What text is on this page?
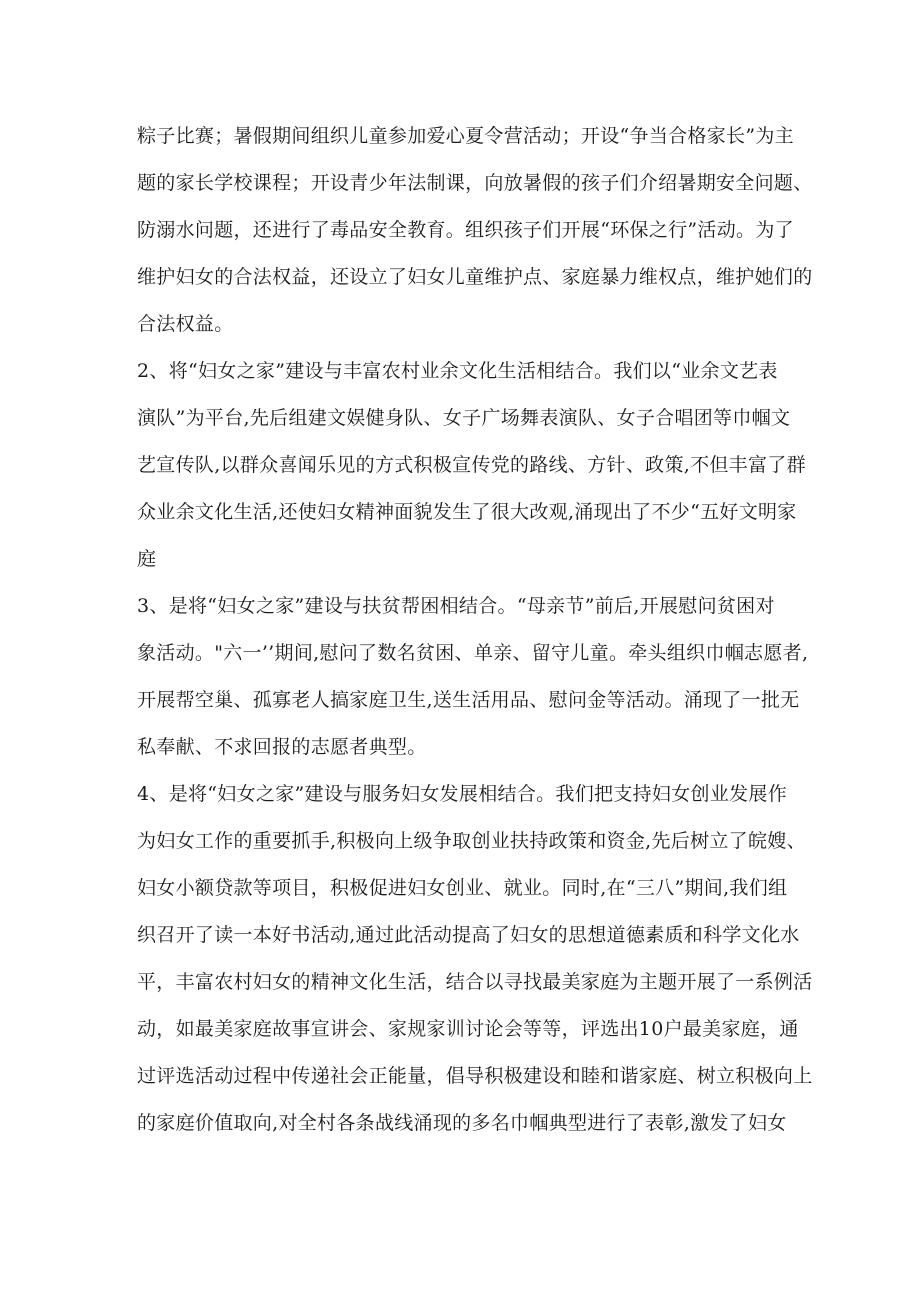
粽子比赛；暑假期间组织儿童参加爱心夏令营活动；开设“争当合格家长”为主
题的家长学校课程；开设青少年法制课，向放暑假的孩子们介绍暑期安全问题、
防溺水问题，还进行了毒品安全教育。组织孩子们开展“环保之行”活动。为了
维护妇女的合法权益，还设立了妇女儿童维护点、家庭暴力维权点，维护她们的
合法权益。
2、将“妇女之家”建设与丰富农村业余文化生活相结合。我们以“业余文艺表
演队”为平台,先后组建文娱健身队、女子广场舞表演队、女子合唱团等巾帼文
艺宣传队,以群众喜闻乐见的方式积极宣传党的路线、方针、政策,不但丰富了群
众业余文化生活,还使妇女精神面貌发生了很大改观,涌现出了不少“五好文明家
庭
3、是将“妇女之家”建设与扶贫帮困相结合。“母亲节”前后,开展慰问贫困对
象活动。"六一’’期间,慰问了数名贫困、单亲、留守儿童。牵头组织巾帼志愿者,
开展帮空巢、孤寡老人搞家庭卫生,送生活用品、慰问金等活动。涌现了一批无
私奉献、不求回报的志愿者典型。
4、是将“妇女之家”建设与服务妇女发展相结合。我们把支持妇女创业发展作
为妇女工作的重要抓手,积极向上级争取创业扶持政策和资金,先后树立了皖嫂、
妇女小额贷款等项目，积极促进妇女创业、就业。同时,在“三八”期间,我们组
织召开了读一本好书活动,通过此活动提高了妇女的思想道德素质和科学文化水
平，丰富农村妇女的精神文化生活，结合以寻找最美家庭为主题开展了一系例活
动，如最美家庭故事宣讲会、家规家训讨论会等等，评选出10户最美家庭，通
过评选活动过程中传递社会正能量，倡导积极建设和睦和谐家庭、树立积极向上
的家庭价值取向,对全村各条战线涌现的多名巾帼典型进行了表彰,激发了妇女
